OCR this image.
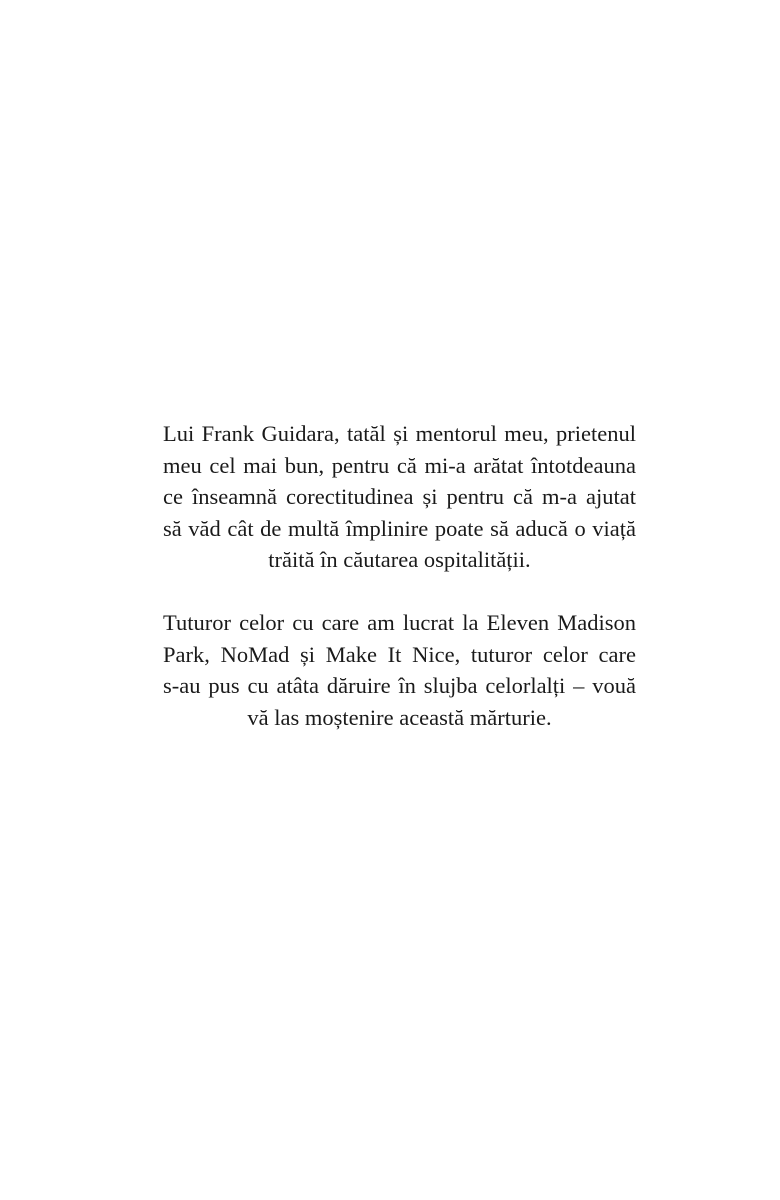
Lui Frank Guidara, tatăl și mentorul meu, prietenul
meu cel mai bun, pentru că mi-a arătat întotdeauna
ce înseamnă corectitudinea și pentru că m-a ajutat
să văd cât de multă împlinire poate să aducă o viață
trăită în căutarea ospitalității.

Tuturor celor cu care am lucrat la Eleven Madison
Park, NoMad și Make It Nice, tuturor celor care
s-au pus cu atâta dăruire în slujba celorlalți – vouă
vă las moștenire această mărturie.
